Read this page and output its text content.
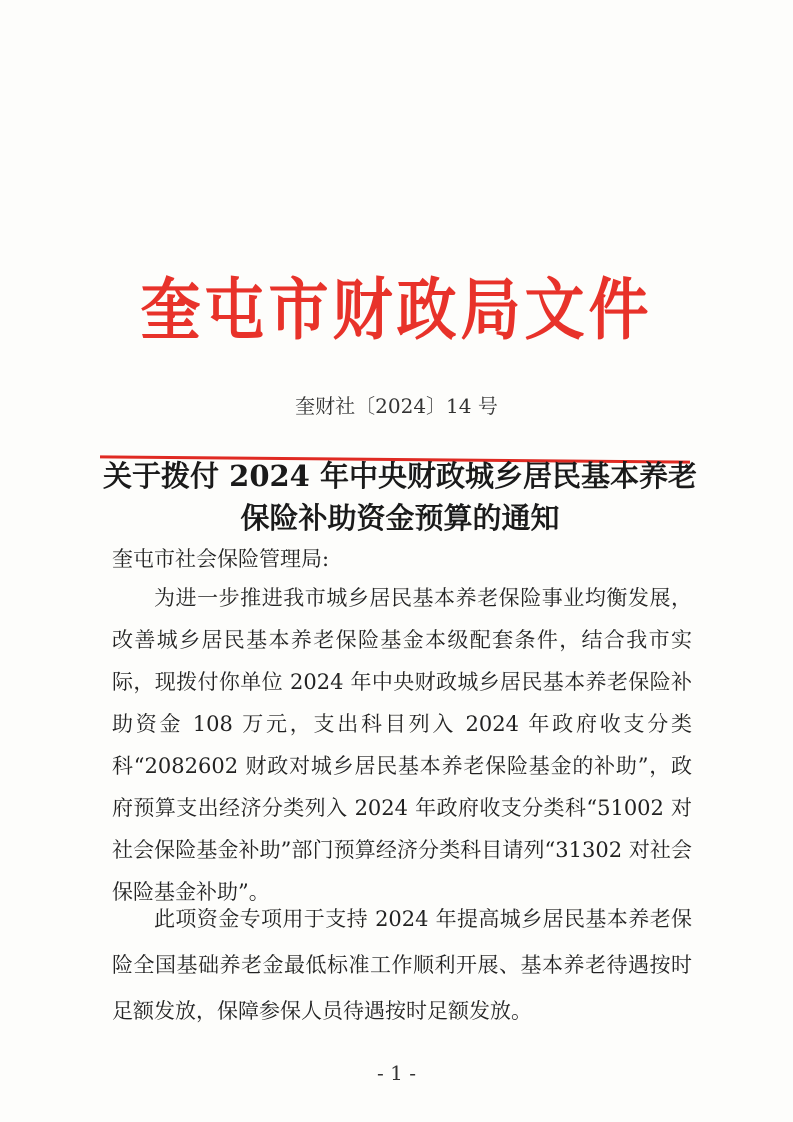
奎屯市财政局文件
奎财社〔2024〕14 号
关于拨付 2024 年中央财政城乡居民基本养老保险补助资金预算的通知
奎屯市社会保险管理局:
为进一步推进我市城乡居民基本养老保险事业均衡发展，改善城乡居民基本养老保险基金本级配套条件，结合我市实际，现拨付你单位 2024 年中央财政城乡居民基本养老保险补助资金 108 万元，支出科目列入 2024 年政府收支分类科“2082602 财政对城乡居民基本养老保险基金的补助”，政府预算支出经济分类列入 2024 年政府收支分类科“51002 对社会保险基金补助”部门预算经济分类科目请列“31302 对社会保险基金补助”。
此项资金专项用于支持 2024 年提高城乡居民基本养老保险全国基础养老金最低标准工作顺利开展、基本养老待遇按时足额发放，保障参保人员待遇按时足额发放。
- 1 -
